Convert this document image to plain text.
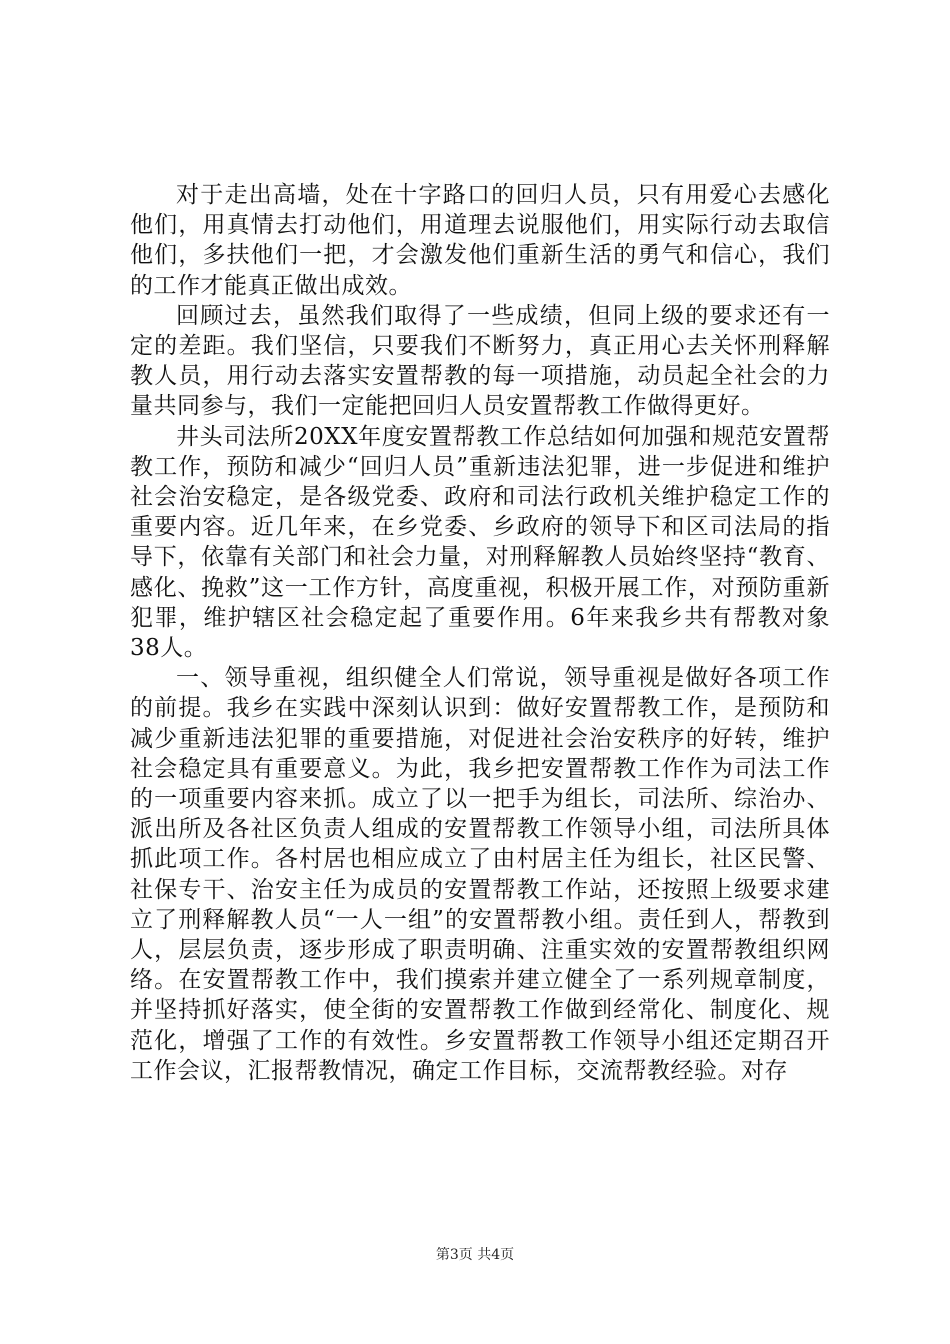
对于走出高墙，处在十字路口的回归人员，只有用爱心去感化他们，用真情去打动他们，用道理去说服他们，用实际行动去取信他们，多扶他们一把，才会激发他们重新生活的勇气和信心，我们的工作才能真正做出成效。

回顾过去，虽然我们取得了一些成绩，但同上级的要求还有一定的差距。我们坚信，只要我们不断努力，真正用心去关怀刑释解教人员，用行动去落实安置帮教的每一项措施，动员起全社会的力量共同参与，我们一定能把回归人员安置帮教工作做得更好。

井头司法所20XX年度安置帮教工作总结如何加强和规范安置帮教工作，预防和减少“回归人员”重新违法犯罪，进一步促进和维护社会治安稳定，是各级党委、政府和司法行政机关维护稳定工作的重要内容。近几年来，在乡党委、乡政府的领导下和区司法局的指导下，依靠有关部门和社会力量，对刑释解教人员始终坚持“教育、感化、挽救”这一工作方针，高度重视，积极开展工作，对预防重新犯罪，维护辖区社会稳定起了重要作用。6年来我乡共有帮教对象38人。

一、领导重视，组织健全人们常说，领导重视是做好各项工作的前提。我乡在实践中深刻认识到：做好安置帮教工作，是预防和减少重新违法犯罪的重要措施，对促进社会治安秩序的好转，维护社会稳定具有重要意义。为此，我乡把安置帮教工作作为司法工作的一项重要内容来抓。成立了以一把手为组长，司法所、综治办、派出所及各社区负责人组成的安置帮教工作领导小组，司法所具体抓此项工作。各村居也相应成立了由村居主任为组长，社区民警、社保专干、治安主任为成员的安置帮教工作站，还按照上级要求建立了刑释解教人员“一人一组”的安置帮教小组。责任到人，帮教到人，层层负责，逐步形成了职责明确、注重实效的安置帮教组织网络。在安置帮教工作中，我们摸索并建立健全了一系列规章制度，并坚持抓好落实，使全街的安置帮教工作做到经常化、制度化、规范化，增强了工作的有效性。乡安置帮教工作领导小组还定期召开工作会议，汇报帮教情况，确定工作目标，交流帮教经验。对存

第3页 共4页
